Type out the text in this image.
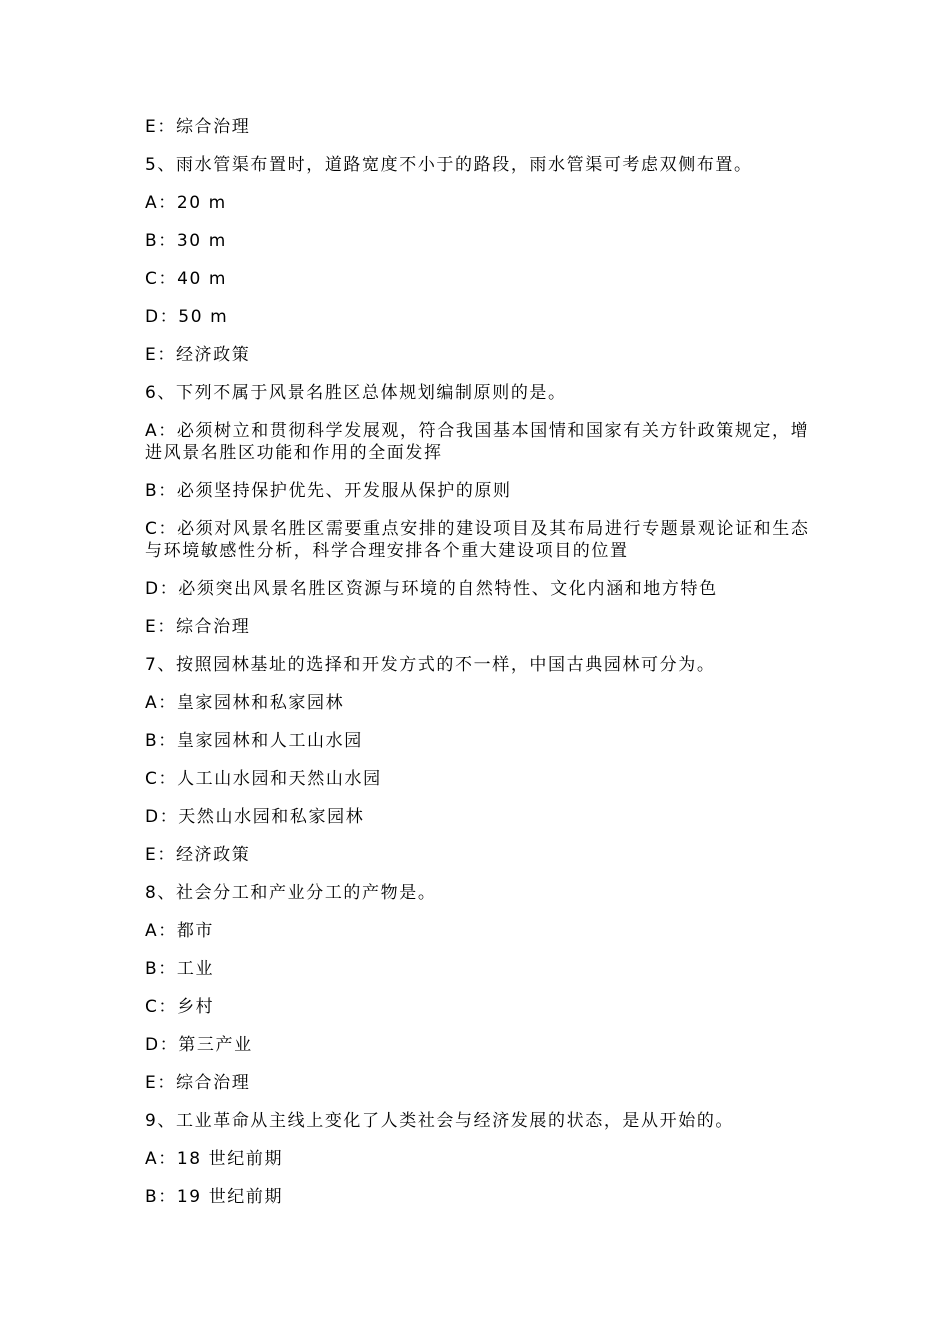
E：综合治理

5、雨水管渠布置时，道路宽度不小于的路段，雨水管渠可考虑双侧布置。

A：20 m

B：30 m

C：40 m

D：50 m

E：经济政策

6、下列不属于风景名胜区总体规划编制原则的是。

A：必须树立和贯彻科学发展观，符合我国基本国情和国家有关方针政策规定，增进风景名胜区功能和作用的全面发挥

B：必须坚持保护优先、开发服从保护的原则

C：必须对风景名胜区需要重点安排的建设项目及其布局进行专题景观论证和生态与环境敏感性分析，科学合理安排各个重大建设项目的位置

D：必须突出风景名胜区资源与环境的自然特性、文化内涵和地方特色

E：综合治理

7、按照园林基址的选择和开发方式的不一样，中国古典园林可分为。

A：皇家园林和私家园林

B：皇家园林和人工山水园

C：人工山水园和天然山水园

D：天然山水园和私家园林

E：经济政策

8、社会分工和产业分工的产物是。

A：都市

B：工业

C：乡村

D：第三产业

E：综合治理

9、工业革命从主线上变化了人类社会与经济发展的状态，是从开始的。

A：18 世纪前期

B：19 世纪前期
